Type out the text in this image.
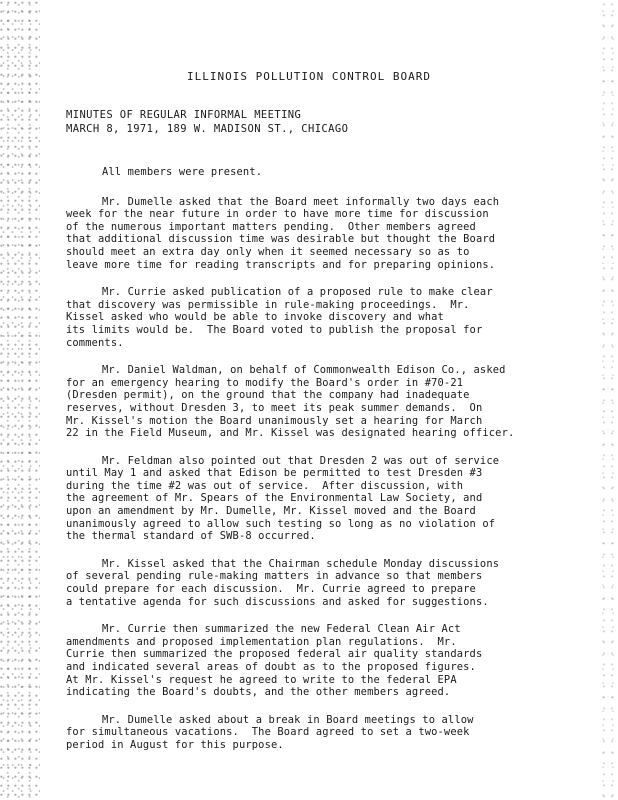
ILLINOIS POLLUTION CONTROL BOARD
MINUTES OF REGULAR INFORMAL MEETING
MARCH 8, 1971, 189 W. MADISON ST., CHICAGO
All members were present.
Mr. Dumelle asked that the Board meet informally two days each
week for the near future in order to have more time for discussion
of the numerous important matters pending.  Other members agreed
that additional discussion time was desirable but thought the Board
should meet an extra day only when it seemed necessary so as to
leave more time for reading transcripts and for preparing opinions.
Mr. Currie asked publication of a proposed rule to make clear
that discovery was permissible in rule-making proceedings.  Mr.
Kissel asked who would be able to invoke discovery and what
its limits would be.  The Board voted to publish the proposal for
comments.
Mr. Daniel Waldman, on behalf of Commonwealth Edison Co., asked
for an emergency hearing to modify the Board's order in #70-21
(Dresden permit), on the ground that the company had inadequate
reserves, without Dresden 3, to meet its peak summer demands.  On
Mr. Kissel's motion the Board unanimously set a hearing for March
22 in the Field Museum, and Mr. Kissel was designated hearing officer.
Mr. Feldman also pointed out that Dresden 2 was out of service
until May 1 and asked that Edison be permitted to test Dresden #3
during the time #2 was out of service.  After discussion, with
the agreement of Mr. Spears of the Environmental Law Society, and
upon an amendment by Mr. Dumelle, Mr. Kissel moved and the Board
unanimously agreed to allow such testing so long as no violation of
the thermal standard of SWB-8 occurred.
Mr. Kissel asked that the Chairman schedule Monday discussions
of several pending rule-making matters in advance so that members
could prepare for each discussion.  Mr. Currie agreed to prepare
a tentative agenda for such discussions and asked for suggestions.
Mr. Currie then summarized the new Federal Clean Air Act
amendments and proposed implementation plan regulations.  Mr.
Currie then summarized the proposed federal air quality standards
and indicated several areas of doubt as to the proposed figures.
At Mr. Kissel's request he agreed to write to the federal EPA
indicating the Board's doubts, and the other members agreed.
Mr. Dumelle asked about a break in Board meetings to allow
for simultaneous vacations.  The Board agreed to set a two-week
period in August for this purpose.
